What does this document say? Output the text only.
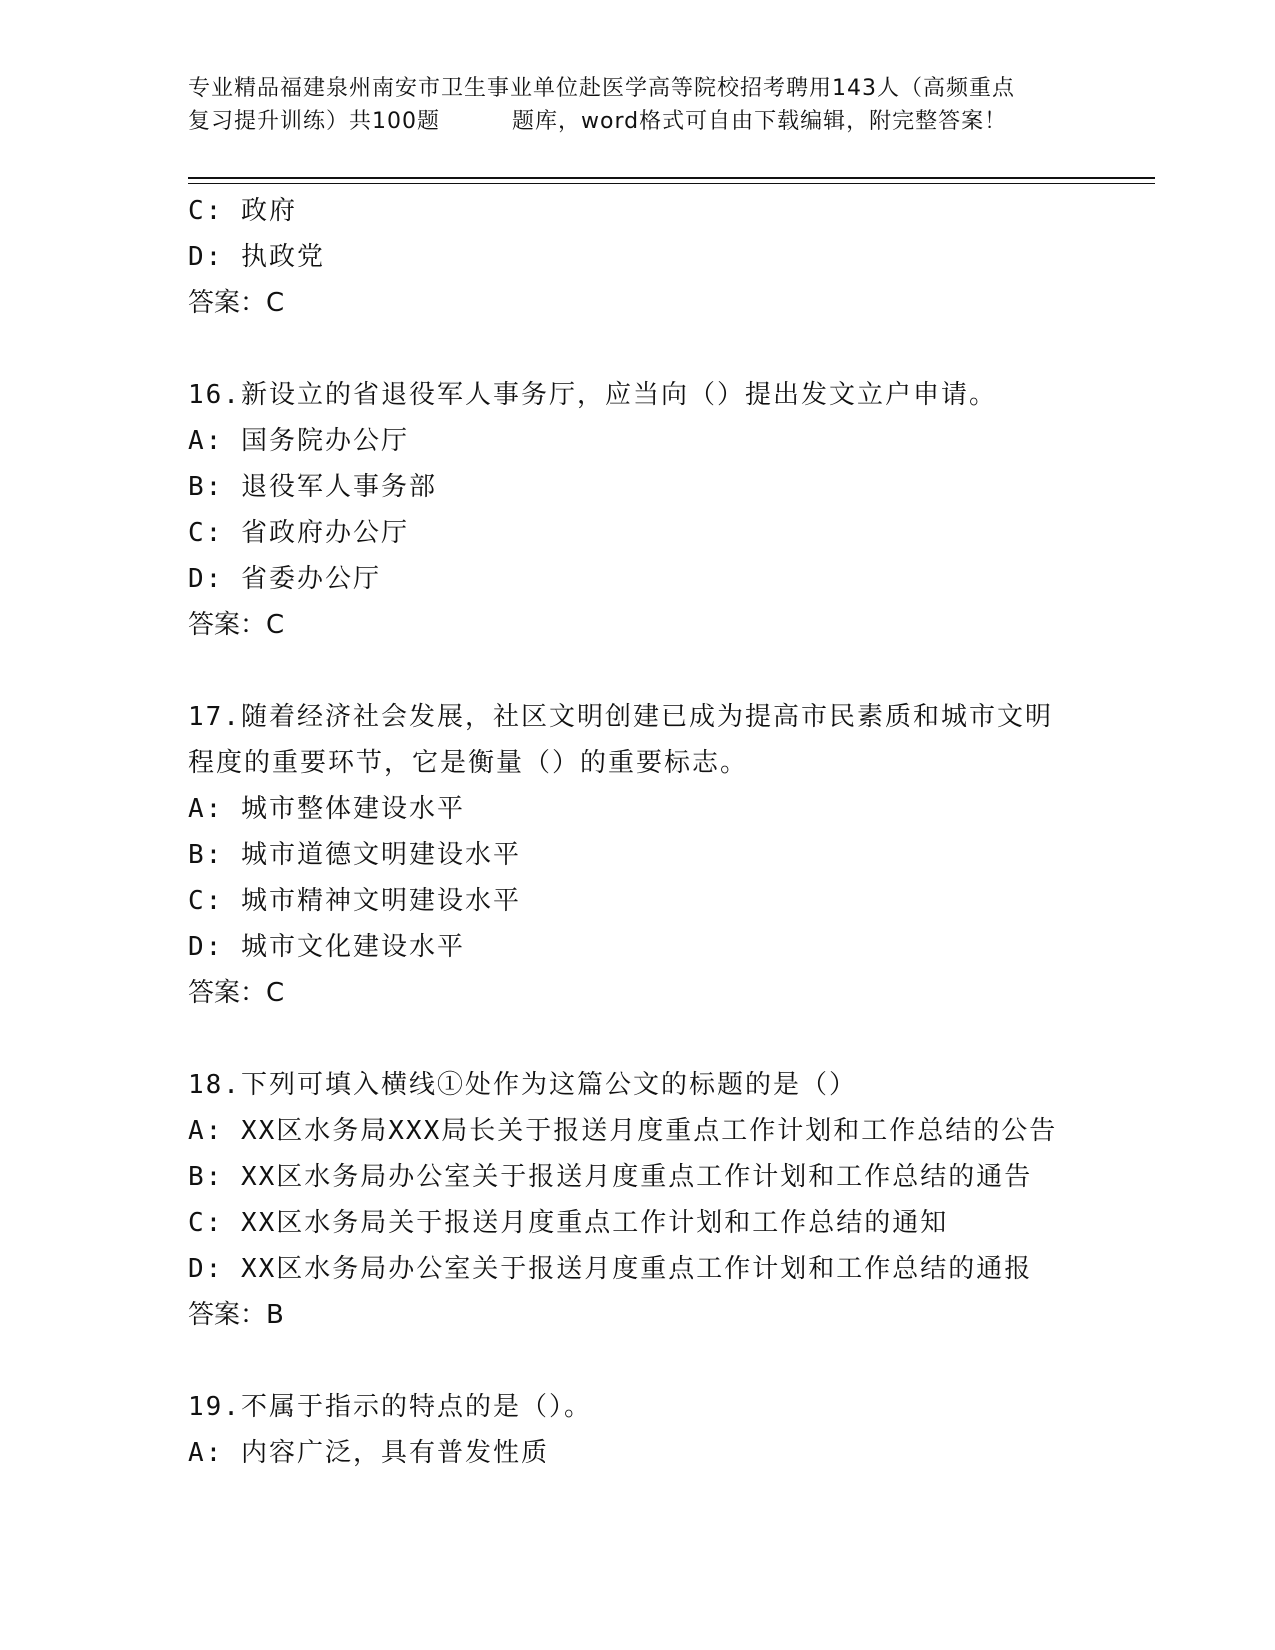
专业精品福建泉州南安市卫生事业单位赴医学高等院校招考聘用143人（高频重点
复习提升训练）共100题	题库，word格式可自由下载编辑，附完整答案！
C: 政府
D: 执政党
答案：C
16.新设立的省退役军人事务厅，应当向（）提出发文立户申请。
A: 国务院办公厅
B: 退役军人事务部
C: 省政府办公厅
D: 省委办公厅
答案：C
17.随着经济社会发展，社区文明创建已成为提高市民素质和城市文明
程度的重要环节，它是衡量（）的重要标志。
A: 城市整体建设水平
B: 城市道德文明建设水平
C: 城市精神文明建设水平
D: 城市文化建设水平
答案：C
18.下列可填入横线①处作为这篇公文的标题的是（）
A: XX区水务局XXX局长关于报送月度重点工作计划和工作总结的公告
B: XX区水务局办公室关于报送月度重点工作计划和工作总结的通告
C: XX区水务局关于报送月度重点工作计划和工作总结的通知
D: XX区水务局办公室关于报送月度重点工作计划和工作总结的通报
答案：B
19.不属于指示的特点的是（）。
A: 内容广泛，具有普发性质
